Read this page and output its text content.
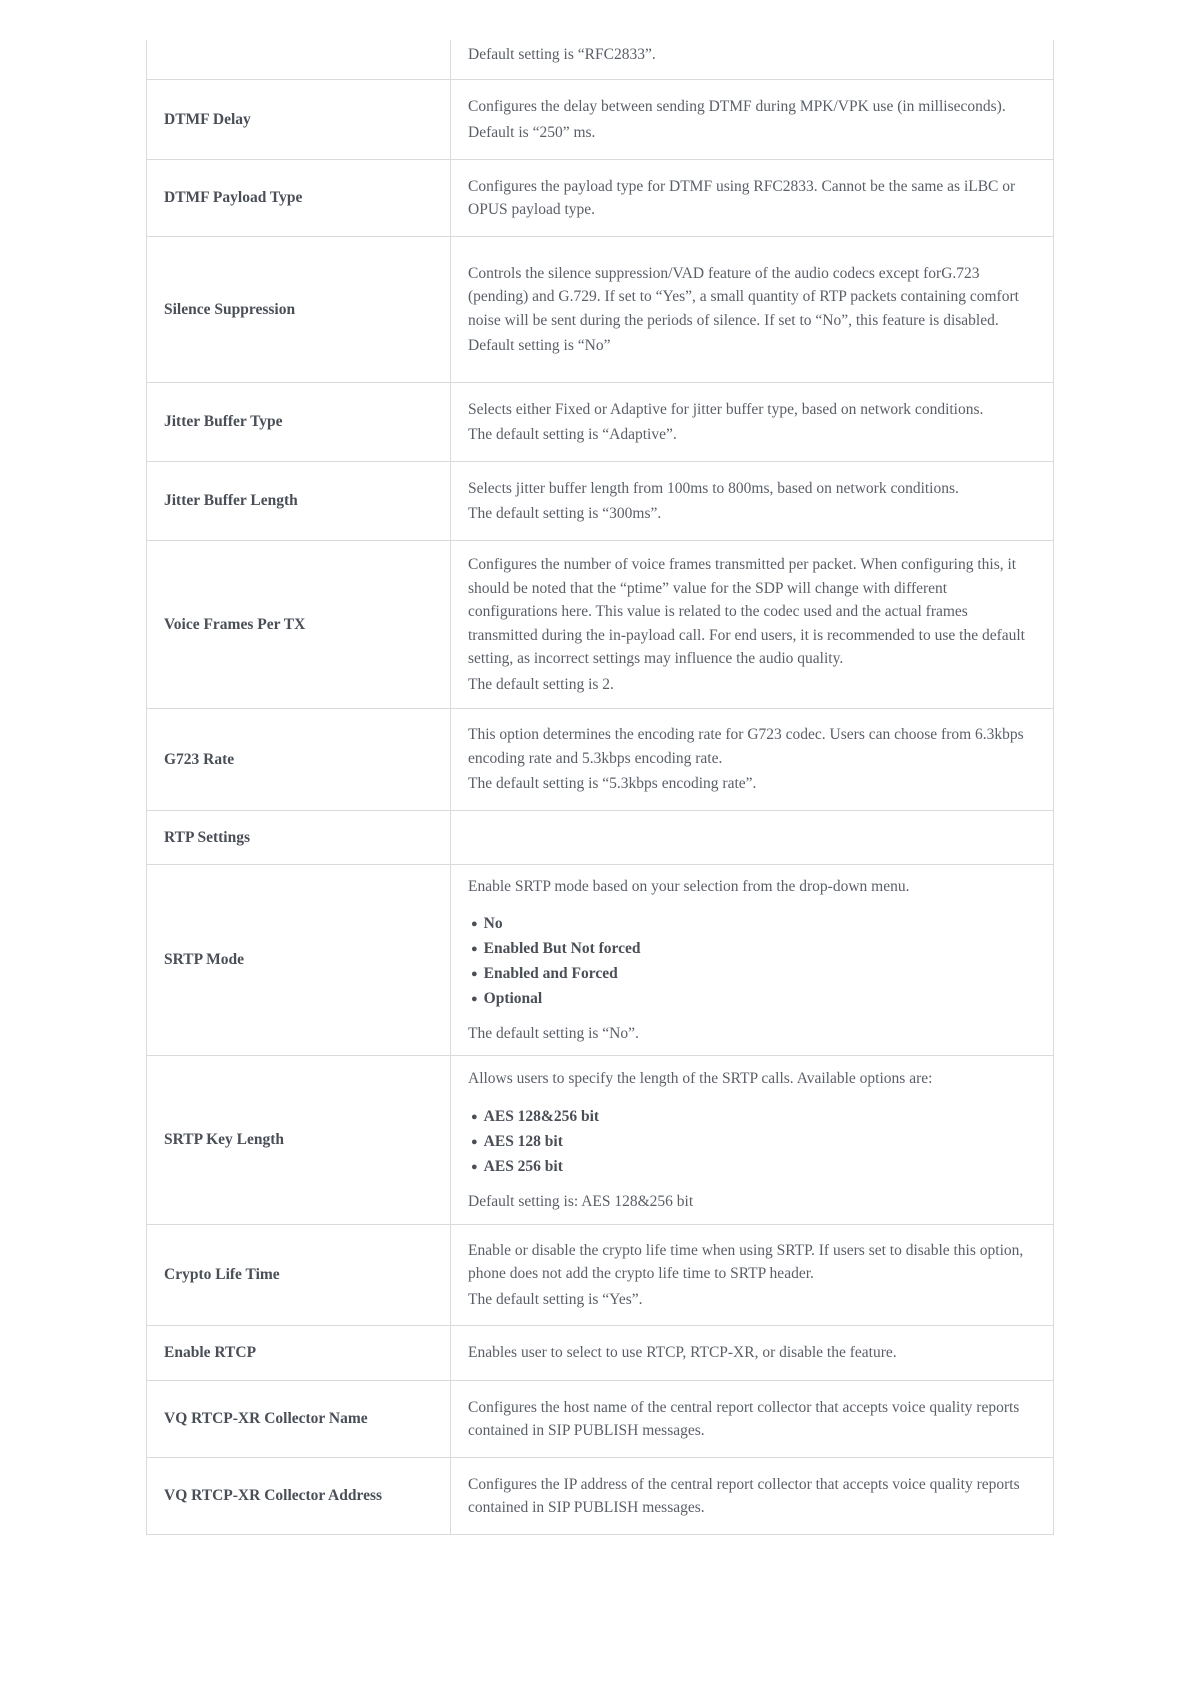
Default setting is “RFC2833”.

DTMF Delay

Configures the delay between sending DTMF during MPK/VPK use (in milliseconds).

Default is “250” ms.

DTMF Payload Type

Configures the payload type for DTMF using RFC2833. Cannot be the same as iLBC or OPUS payload type.

Silence Suppression

Controls the silence suppression/VAD feature of the audio codecs except forG.723 (pending) and G.729. If set to “Yes”, a small quantity of RTP packets containing comfort noise will be sent during the periods of silence. If set to “No”, this feature is disabled.

Default setting is “No”

Jitter Buffer Type

Selects either Fixed or Adaptive for jitter buffer type, based on network conditions.

The default setting is “Adaptive”.

Jitter Buffer Length

Selects jitter buffer length from 100ms to 800ms, based on network conditions.

The default setting is “300ms”.

Voice Frames Per TX

Configures the number of voice frames transmitted per packet. When configuring this, it should be noted that the “ptime” value for the SDP will change with different configurations here. This value is related to the codec used and the actual frames transmitted during the in-payload call. For end users, it is recommended to use the default setting, as incorrect settings may influence the audio quality.

The default setting is 2.

G723 Rate

This option determines the encoding rate for G723 codec. Users can choose from 6.3kbps encoding rate and 5.3kbps encoding rate.

The default setting is “5.3kbps encoding rate”.

RTP Settings
SRTP Mode

Enable SRTP mode based on your selection from the drop-down menu.

● No
● Enabled But Not forced
● Enabled and Forced
● Optional

The default setting is “No”.

SRTP Key Length

Allows users to specify the length of the SRTP calls. Available options are:

● AES 128&256 bit
● AES 128 bit
● AES 256 bit

Default setting is: AES 128&256 bit

Crypto Life Time

Enable or disable the crypto life time when using SRTP. If users set to disable this option, phone does not add the crypto life time to SRTP header.

The default setting is “Yes”.

Enable RTCP	Enables user to select to use RTCP, RTCP-XR, or disable the feature.

VQ RTCP-XR Collector Name

Configures the host name of the central report collector that accepts voice quality reports contained in SIP PUBLISH messages.

VQ RTCP-XR Collector Address

Configures the IP address of the central report collector that accepts voice quality reports contained in SIP PUBLISH messages.
